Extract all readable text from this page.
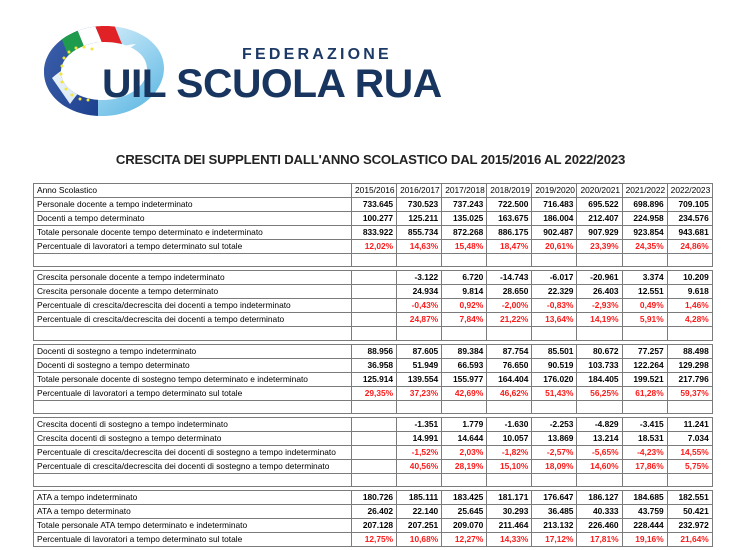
FEDERAZIONE
UIL SCUOLA RUA
CRESCITA DEI SUPPLENTI DALL'ANNO SCOLASTICO DAL 2015/2016 AL 2022/2023
Anno Scolastico	2015/2016	2016/2017	2017/2018	2018/2019	2019/2020	2020/2021	2021/2022	2022/2023
Personale docente a tempo indeterminato	733.645	730.523	737.243	722.500	716.483	695.522	698.896	709.105
Docenti a tempo determinato	100.277	125.211	135.025	163.675	186.004	212.407	224.958	234.576
Totale personale docente tempo determinato e indeterminato	833.922	855.734	872.268	886.175	902.487	907.929	923.854	943.681
Percentuale di lavoratori a tempo determinato sul totale	12,02%	14,63%	15,48%	18,47%	20,61%	23,39%	24,35%	24,86%

Crescita personale docente a tempo indeterminato		-3.122	6.720	-14.743	-6.017	-20.961	3.374	10.209
Crescita personale docente a tempo determinato		24.934	9.814	28.650	22.329	26.403	12.551	9.618
Percentuale di crescita/decrescita dei docenti a tempo indeterminato		-0,43%	0,92%	-2,00%	-0,83%	-2,93%	0,49%	1,46%
Percentuale di crescita/decrescita dei docenti a tempo determinato		24,87%	7,84%	21,22%	13,64%	14,19%	5,91%	4,28%

Docenti di sostegno a tempo indeterminato	88.956	87.605	89.384	87.754	85.501	80.672	77.257	88.498
Docenti di sostegno a tempo determinato	36.958	51.949	66.593	76.650	90.519	103.733	122.264	129.298
Totale personale docente di sostegno tempo determinato e indeterminato	125.914	139.554	155.977	164.404	176.020	184.405	199.521	217.796
Percentuale di lavoratori a tempo determinato sul totale	29,35%	37,23%	42,69%	46,62%	51,43%	56,25%	61,28%	59,37%

Crescita docenti di sostegno a tempo indeterminato		-1.351	1.779	-1.630	-2.253	-4.829	-3.415	11.241
Crescita docenti di sostegno a tempo determinato		14.991	14.644	10.057	13.869	13.214	18.531	7.034
Percentuale di crescita/decrescita dei docenti di sostegno a tempo indeterminato		-1,52%	2,03%	-1,82%	-2,57%	-5,65%	-4,23%	14,55%
Percentuale di crescita/decrescita dei docenti di sostegno a tempo determinato		40,56%	28,19%	15,10%	18,09%	14,60%	17,86%	5,75%

ATA a tempo indeterminato	180.726	185.111	183.425	181.171	176.647	186.127	184.685	182.551
ATA a tempo determinato	26.402	22.140	25.645	30.293	36.485	40.333	43.759	50.421
Totale personale ATA tempo determinato e indeterminato	207.128	207.251	209.070	211.464	213.132	226.460	228.444	232.972
Percentuale di lavoratori a tempo determinato sul totale	12,75%	10,68%	12,27%	14,33%	17,12%	17,81%	19,16%	21,64%
